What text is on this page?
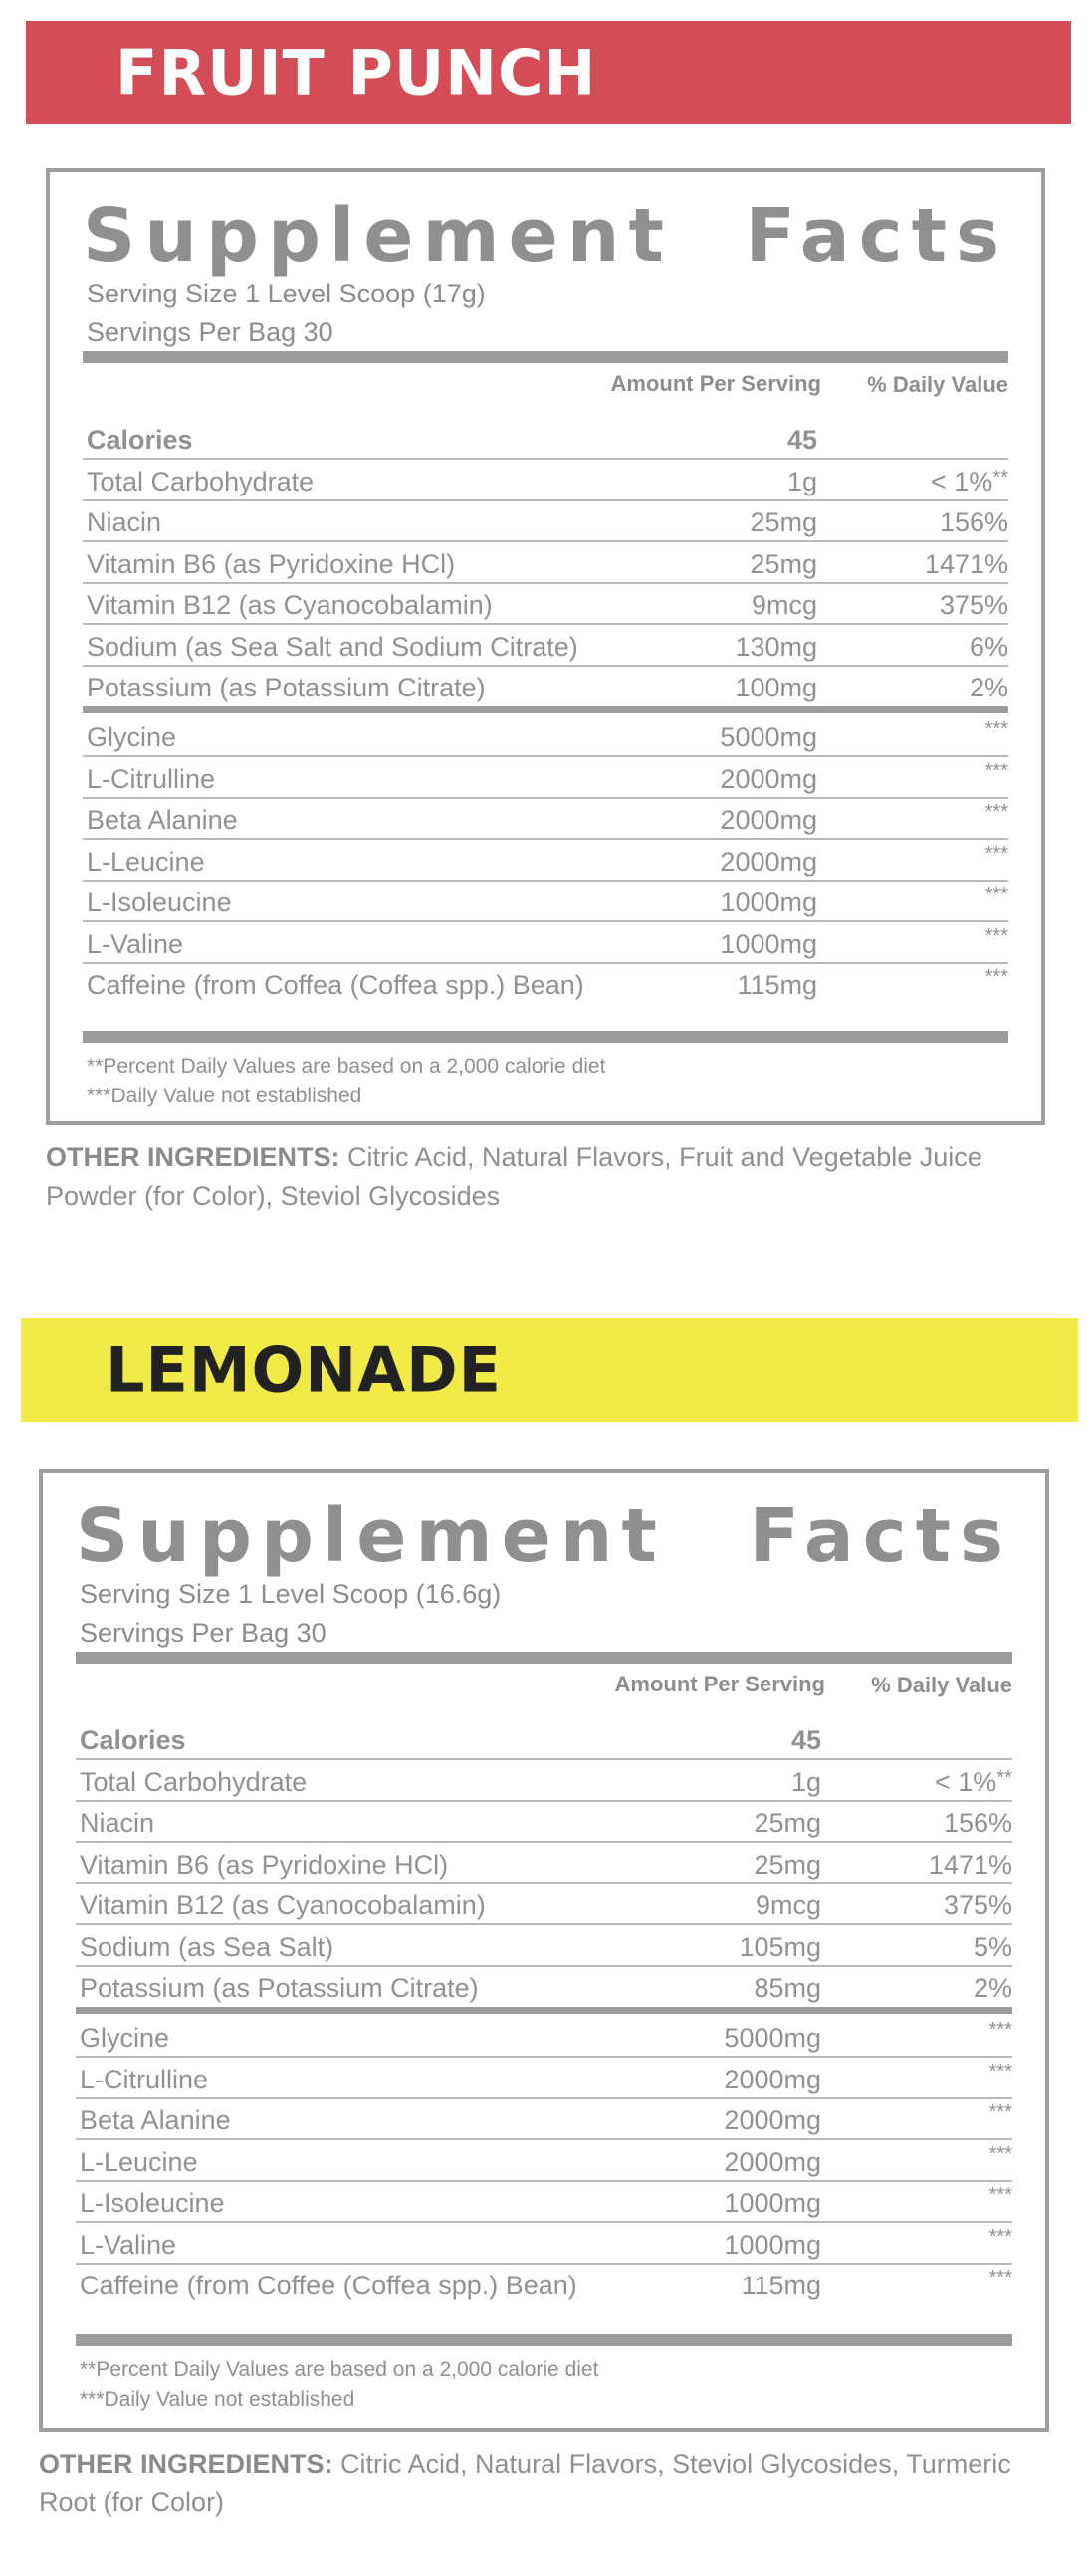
FRUIT PUNCH
Supplement Facts
Serving Size 1 Level Scoop (17g)
Servings Per Bag 30
Amount Per Serving % Daily Value
Calories	45
Total Carbohydrate	1g	< 1%**
Niacin	25mg	156%
Vitamin B6 (as Pyridoxine HCl)	25mg	1471%
Vitamin B12 (as Cyanocobalamin)	9mcg	375%
Sodium (as Sea Salt and Sodium Citrate)	130mg	6%
Potassium (as Potassium Citrate)	100mg	2%
Glycine	5000mg	***
L-Citrulline	2000mg	***
Beta Alanine	2000mg	***
L-Leucine	2000mg	***
L-Isoleucine	1000mg	***
L-Valine	1000mg	***
Caffeine (from Coffea (Coffea spp.) Bean)	115mg	***
**Percent Daily Values are based on a 2,000 calorie diet
***Daily Value not established
OTHER INGREDIENTS: Citric Acid, Natural Flavors, Fruit and Vegetable Juice Powder (for Color), Steviol Glycosides
LEMONADE
Supplement Facts
Serving Size 1 Level Scoop (16.6g)
Servings Per Bag 30
Amount Per Serving % Daily Value
Calories	45
Total Carbohydrate	1g	< 1%**
Niacin	25mg	156%
Vitamin B6 (as Pyridoxine HCl)	25mg	1471%
Vitamin B12 (as Cyanocobalamin)	9mcg	375%
Sodium (as Sea Salt)	105mg	5%
Potassium (as Potassium Citrate)	85mg	2%
Glycine	5000mg	***
L-Citrulline	2000mg	***
Beta Alanine	2000mg	***
L-Leucine	2000mg	***
L-Isoleucine	1000mg	***
L-Valine	1000mg	***
Caffeine (from Coffee (Coffea spp.) Bean)	115mg	***
**Percent Daily Values are based on a 2,000 calorie diet
***Daily Value not established
OTHER INGREDIENTS: Citric Acid, Natural Flavors, Steviol Glycosides, Turmeric Root (for Color)
